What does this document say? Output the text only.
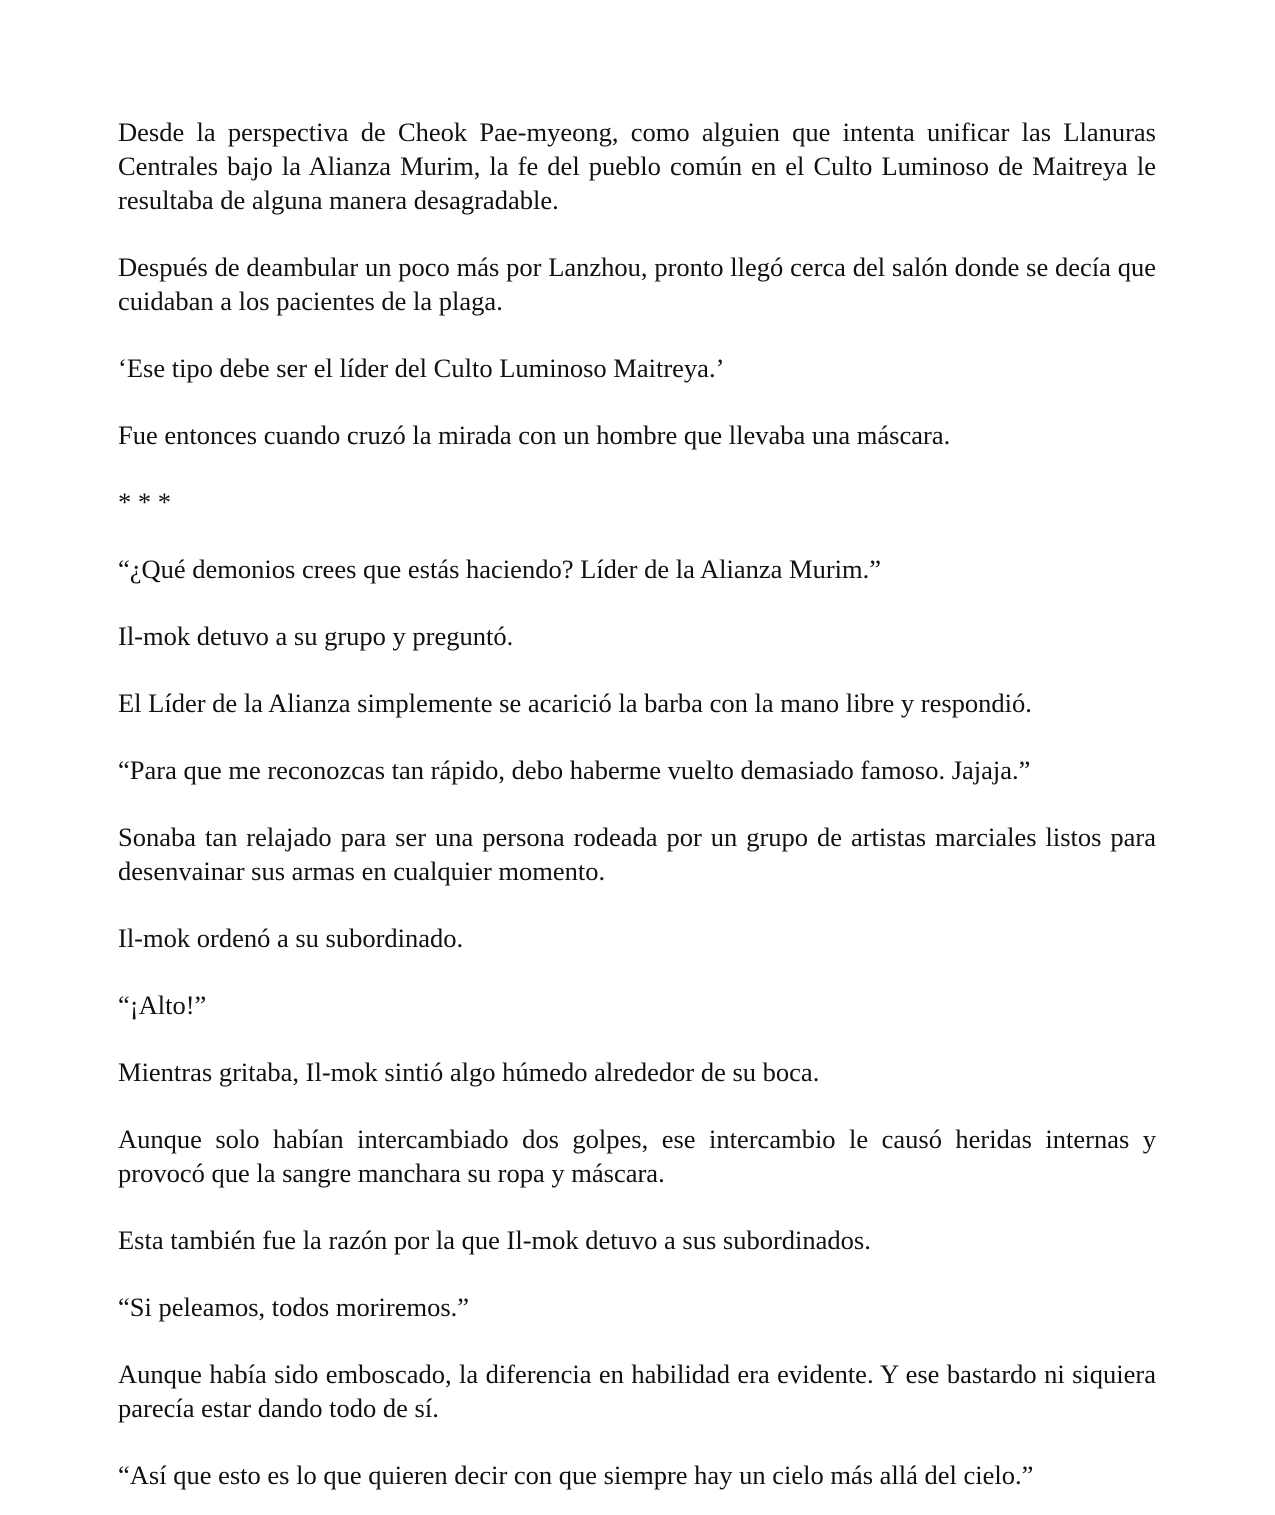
Desde la perspectiva de Cheok Pae-myeong, como alguien que intenta unificar las Llanuras Centrales bajo la Alianza Murim, la fe del pueblo común en el Culto Luminoso de Maitreya le resultaba de alguna manera desagradable.

Después de deambular un poco más por Lanzhou, pronto llegó cerca del salón donde se decía que cuidaban a los pacientes de la plaga.

‘Ese tipo debe ser el líder del Culto Luminoso Maitreya.’

Fue entonces cuando cruzó la mirada con un hombre que llevaba una máscara.

* * *

“¿Qué demonios crees que estás haciendo? Líder de la Alianza Murim.”

Il-mok detuvo a su grupo y preguntó.

El Líder de la Alianza simplemente se acarició la barba con la mano libre y respondió.

“Para que me reconozcas tan rápido, debo haberme vuelto demasiado famoso. Jajaja.”

Sonaba tan relajado para ser una persona rodeada por un grupo de artistas marciales listos para desenvainar sus armas en cualquier momento.

Il-mok ordenó a su subordinado.

“¡Alto!”

Mientras gritaba, Il-mok sintió algo húmedo alrededor de su boca.

Aunque solo habían intercambiado dos golpes, ese intercambio le causó heridas internas y provocó que la sangre manchara su ropa y máscara.

Esta también fue la razón por la que Il-mok detuvo a sus subordinados.

“Si peleamos, todos moriremos.”

Aunque había sido emboscado, la diferencia en habilidad era evidente. Y ese bastardo ni siquiera parecía estar dando todo de sí.

“Así que esto es lo que quieren decir con que siempre hay un cielo más allá del cielo.”
